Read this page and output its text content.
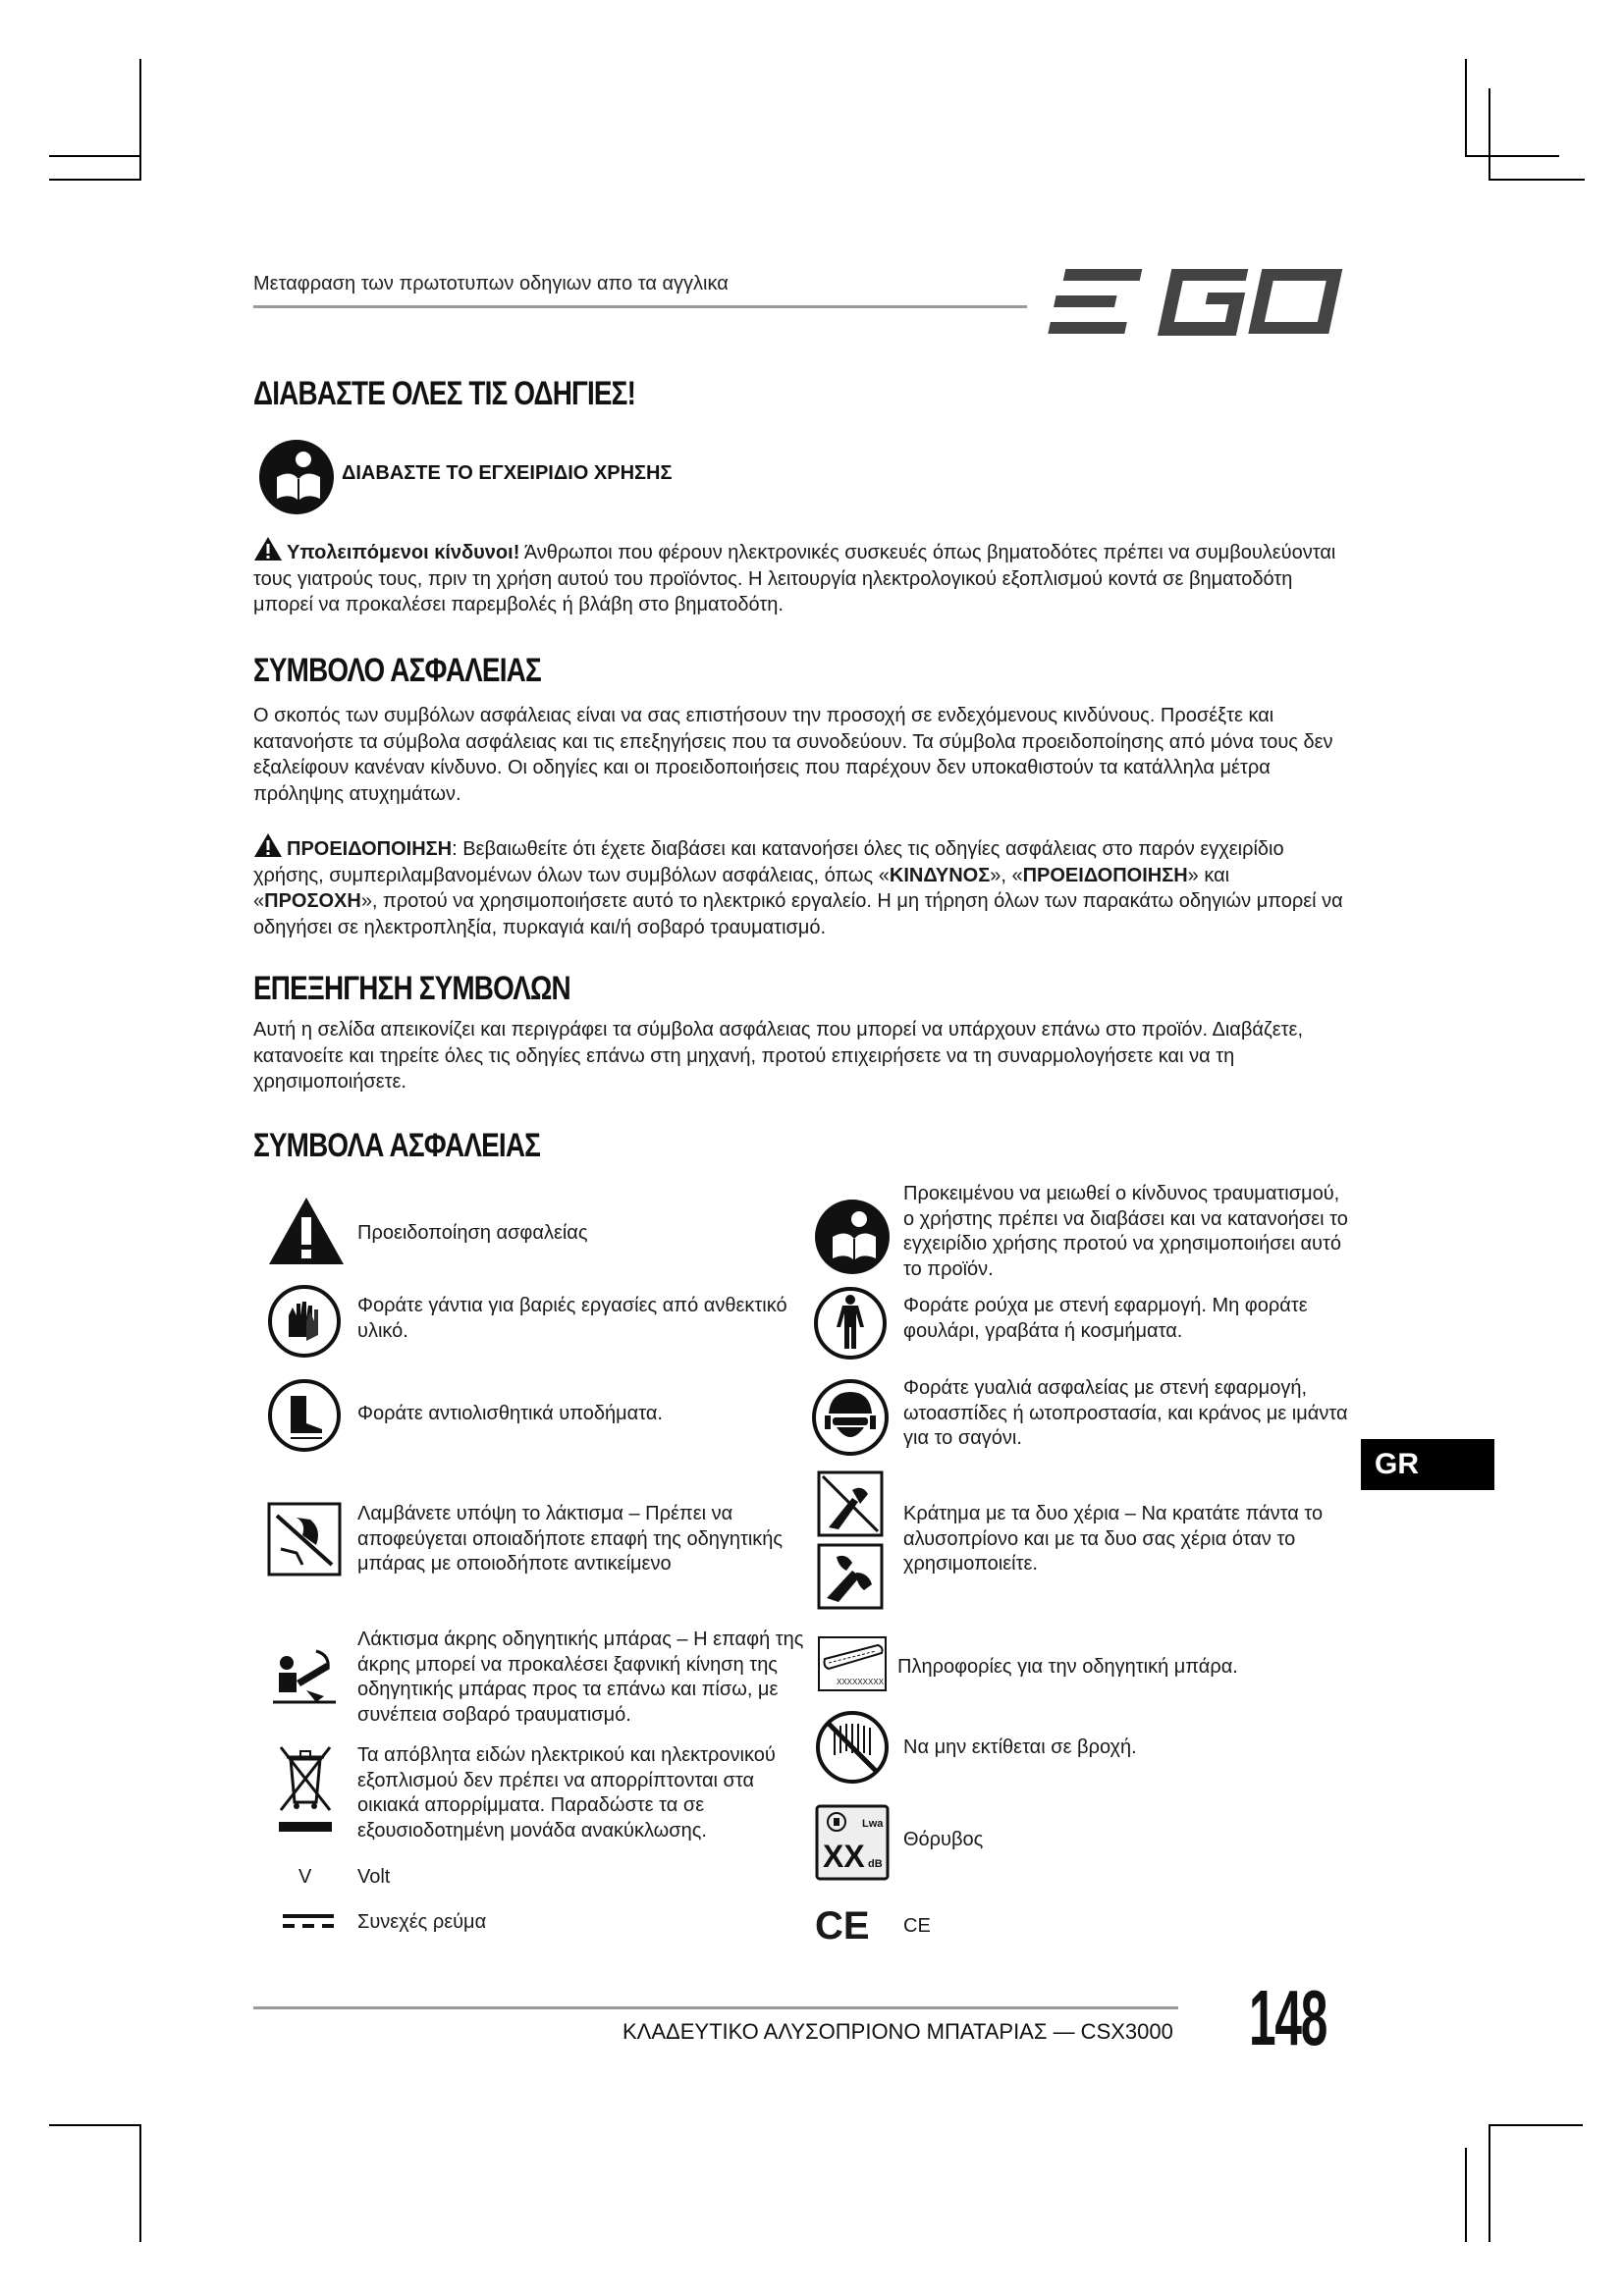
Μεταφραση των πρωτοτυπων οδηγιων απο τα αγγλικα
ΔΙΑΒΑΣΤΕ ΟΛΕΣ ΤΙΣ ΟΔΗΓΙΕΣ!
ΔΙΑΒΑΣΤΕ ΤΟ ΕΓΧΕΙΡΙΔΙΟ ΧΡΗΣΗΣ
Υπολειπόμενοι κίνδυνοι! Άνθρωποι που φέρουν ηλεκτρονικές συσκευές όπως βηματοδότες πρέπει να συμβουλεύονται τους γιατρούς τους, πριν τη χρήση αυτού του προϊόντος. Η λειτουργία ηλεκτρολογικού εξοπλισμού κοντά σε βηματοδότη μπορεί να προκαλέσει παρεμβολές ή βλάβη στο βηματοδότη.
ΣΥΜΒΟΛΟ ΑΣΦΑΛΕΙΑΣ
Ο σκοπός των συμβόλων ασφάλειας είναι να σας επιστήσουν την προσοχή σε ενδεχόμενους κινδύνους. Προσέξτε και κατανοήστε τα σύμβολα ασφάλειας και τις επεξηγήσεις που τα συνοδεύουν. Τα σύμβολα προειδοποίησης από μόνα τους δεν εξαλείφουν κανέναν κίνδυνο. Οι οδηγίες και οι προειδοποιήσεις που παρέχουν δεν υποκαθιστούν τα κατάλληλα μέτρα πρόληψης ατυχημάτων.
ΠΡΟΕΙΔΟΠΟΙΗΣΗ: Βεβαιωθείτε ότι έχετε διαβάσει και κατανοήσει όλες τις οδηγίες ασφάλειας στο παρόν εγχειρίδιο χρήσης, συμπεριλαμβανομένων όλων των συμβόλων ασφάλειας, όπως «ΚΙΝΔΥΝΟΣ», «ΠΡΟΕΙΔΟΠΟΙΗΣΗ» και «ΠΡΟΣΟΧΗ», προτού να χρησιμοποιήσετε αυτό το ηλεκτρικό εργαλείο. Η μη τήρηση όλων των παρακάτω οδηγιών μπορεί να οδηγήσει σε ηλεκτροπληξία, πυρκαγιά και/ή σοβαρό τραυματισμό.
ΕΠΕΞΗΓΗΣΗ ΣΥΜΒΟΛΩΝ
Αυτή η σελίδα απεικονίζει και περιγράφει τα σύμβολα ασφάλειας που μπορεί να υπάρχουν επάνω στο προϊόν. Διαβάζετε, κατανοείτε και τηρείτε όλες τις οδηγίες επάνω στη μηχανή, προτού επιχειρήσετε να τη συναρμολογήσετε και να τη χρησιμοποιήσετε.
ΣΥΜΒΟΛΑ ΑΣΦΑΛΕΙΑΣ
Προειδοποίηση ασφαλείας
Φοράτε γάντια για βαριές εργασίες από ανθεκτικό υλικό.
Φοράτε αντιολισθητικά υποδήματα.
Λαμβάνετε υπόψη το λάκτισμα – Πρέπει να αποφεύγεται οποιαδήποτε επαφή της οδηγητικής μπάρας με οποιοδήποτε αντικείμενο
Λάκτισμα άκρης οδηγητικής μπάρας – Η επαφή της άκρης μπορεί να προκαλέσει ξαφνική κίνηση της οδηγητικής μπάρας προς τα επάνω και πίσω, με συνέπεια σοβαρό τραυματισμό.
Τα απόβλητα ειδών ηλεκτρικού και ηλεκτρονικού εξοπλισμού δεν πρέπει να απορρίπτονται στα οικιακά απορρίμματα. Παραδώστε τα σε εξουσιοδοτημένη μονάδα ανακύκλωσης.
V	Volt
Συνεχές ρεύμα
Προκειμένου να μειωθεί ο κίνδυνος τραυματισμού, ο χρήστης πρέπει να διαβάσει και να κατανοήσει το εγχειρίδιο χρήσης προτού να χρησιμοποιήσει αυτό το προϊόν.
Φοράτε ρούχα με στενή εφαρμογή. Μη φοράτε φουλάρι, γραβάτα ή κοσμήματα.
Φοράτε γυαλιά ασφαλείας με στενή εφαρμογή, ωτοασπίδες ή ωτοπροστασία, και κράνος με ιμάντα για το σαγόνι.
Κράτημα με τα δυο χέρια – Να κρατάτε πάντα το αλυσοπρίονο και με τα δυο σας χέρια όταν το χρησιμοποιείτε.
XXXXXXXXX
Πληροφορίες για την οδηγητική μπάρα.
Να μην εκτίθεται σε βροχή.
Lwa
XX dB
Θόρυβος
CE	CE
GR
ΚΛΑΔΕΥΤΙΚΟ ΑΛΥΣΟΠΡΙΟΝΟ ΜΠΑΤΑΡΙΑΣ — CSX3000 148
